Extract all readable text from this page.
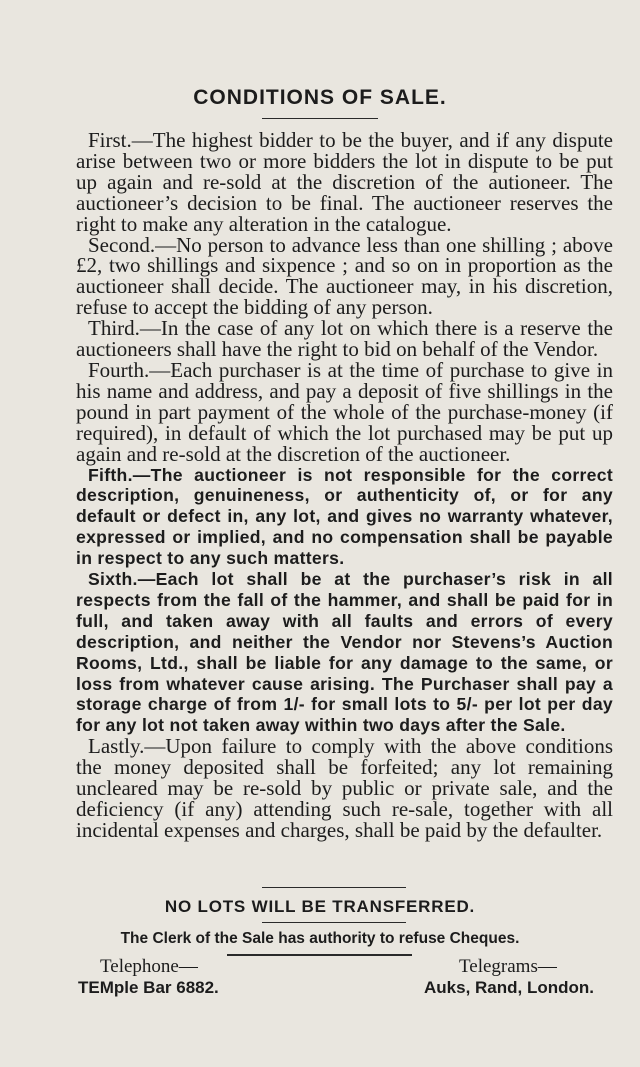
CONDITIONS OF SALE.

First.—The highest bidder to be the buyer, and if any dispute arise between two or more bidders the lot in dispute to be put up again and re-sold at the discretion of the autioneer. The auctioneer’s decision to be final. The auctioneer reserves the right to make any alteration in the catalogue.

Second.—No person to advance less than one shilling ; above £2, two shillings and sixpence ; and so on in proportion as the auctioneer shall decide. The auctioneer may, in his discretion, refuse to accept the bidding of any person.

Third.—In the case of any lot on which there is a reserve the auctioneers shall have the right to bid on behalf of the Vendor.

Fourth.—Each purchaser is at the time of purchase to give in his name and address, and pay a deposit of five shillings in the pound in part payment of the whole of the purchase-money (if required), in default of which the lot purchased may be put up again and re-sold at the discretion of the auctioneer.

Fifth.—The auctioneer is not responsible for the correct description, genuineness, or authenticity of, or for any default or defect in, any lot, and gives no warranty whatever, expressed or implied, and no compensation shall be payable in respect to any such matters.

Sixth.—Each lot shall be at the purchaser’s risk in all respects from the fall of the hammer, and shall be paid for in full, and taken away with all faults and errors of every description, and neither the Vendor nor Stevens’s Auction Rooms, Ltd., shall be liable for any damage to the same, or loss from whatever cause arising. The Purchaser shall pay a storage charge of from 1/- for small lots to 5/- per lot per day for any lot not taken away within two days after the Sale.

Lastly.—Upon failure to comply with the above conditions the money deposited shall be forfeited; any lot remaining uncleared may be re-sold by public or private sale, and the deficiency (if any) attending such re-sale, together with all incidental expenses and charges, shall be paid by the defaulter.

NO LOTS WILL BE TRANSFERRED.
The Clerk of the Sale has authority to refuse Cheques.
Telephone—
TEMple Bar 6882.
Telegrams—
Auks, Rand, London.
